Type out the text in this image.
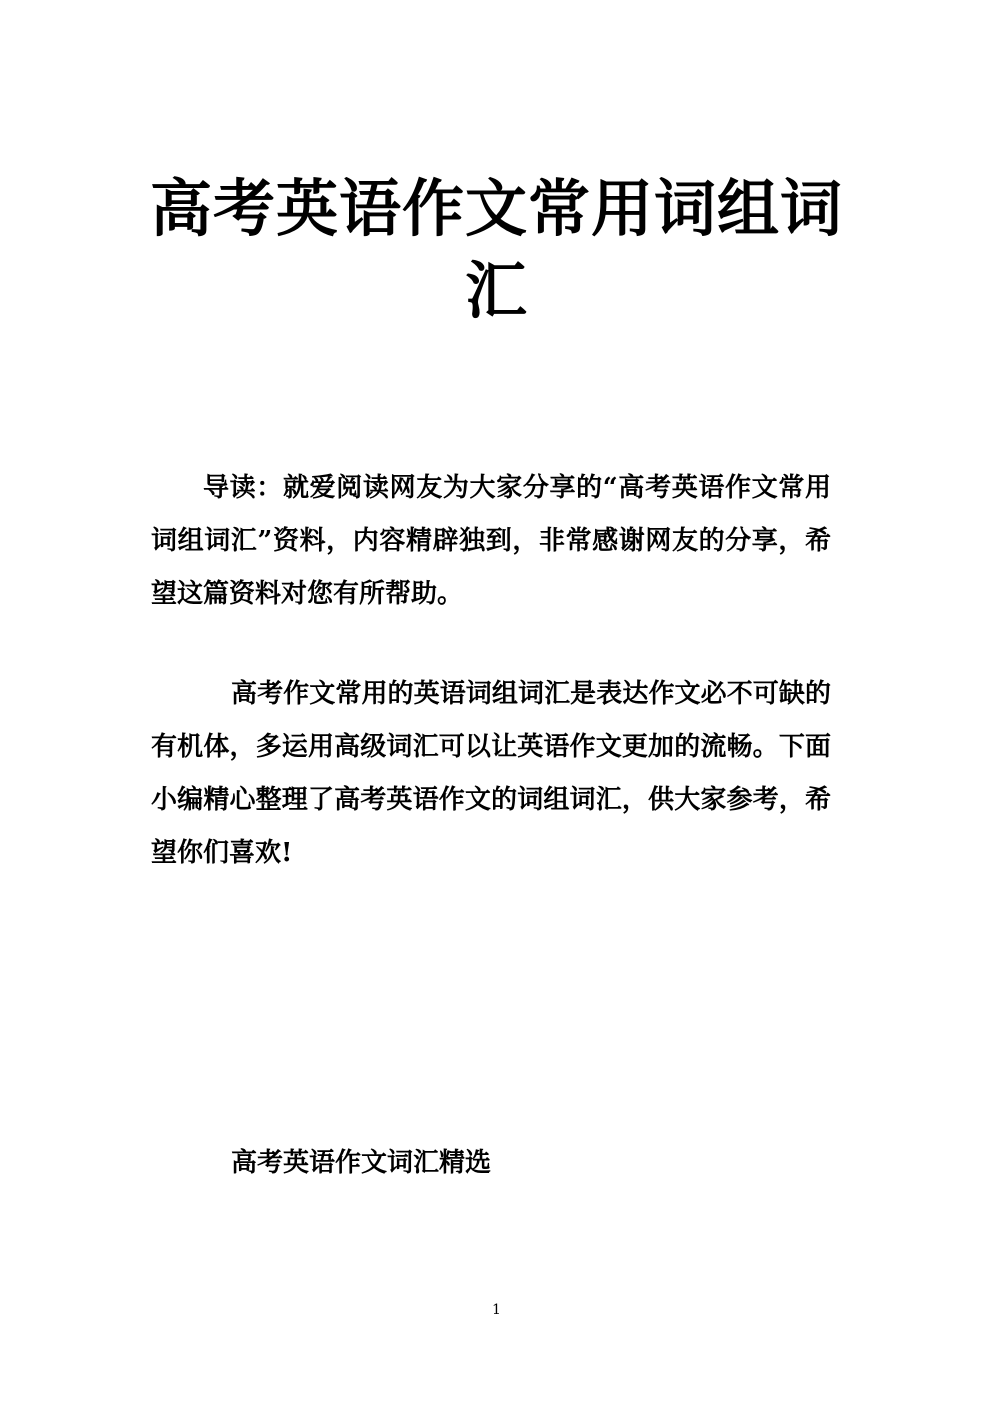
高考英语作文常用词组词汇

导读：就爱阅读网友为大家分享的“高考英语作文常用词组词汇”资料，内容精辟独到，非常感谢网友的分享，希望这篇资料对您有所帮助。

高考作文常用的英语词组词汇是表达作文必不可缺的有机体，多运用高级词汇可以让英语作文更加的流畅。下面小编精心整理了高考英语作文的词组词汇，供大家参考，希望你们喜欢!

高考英语作文词汇精选
1
